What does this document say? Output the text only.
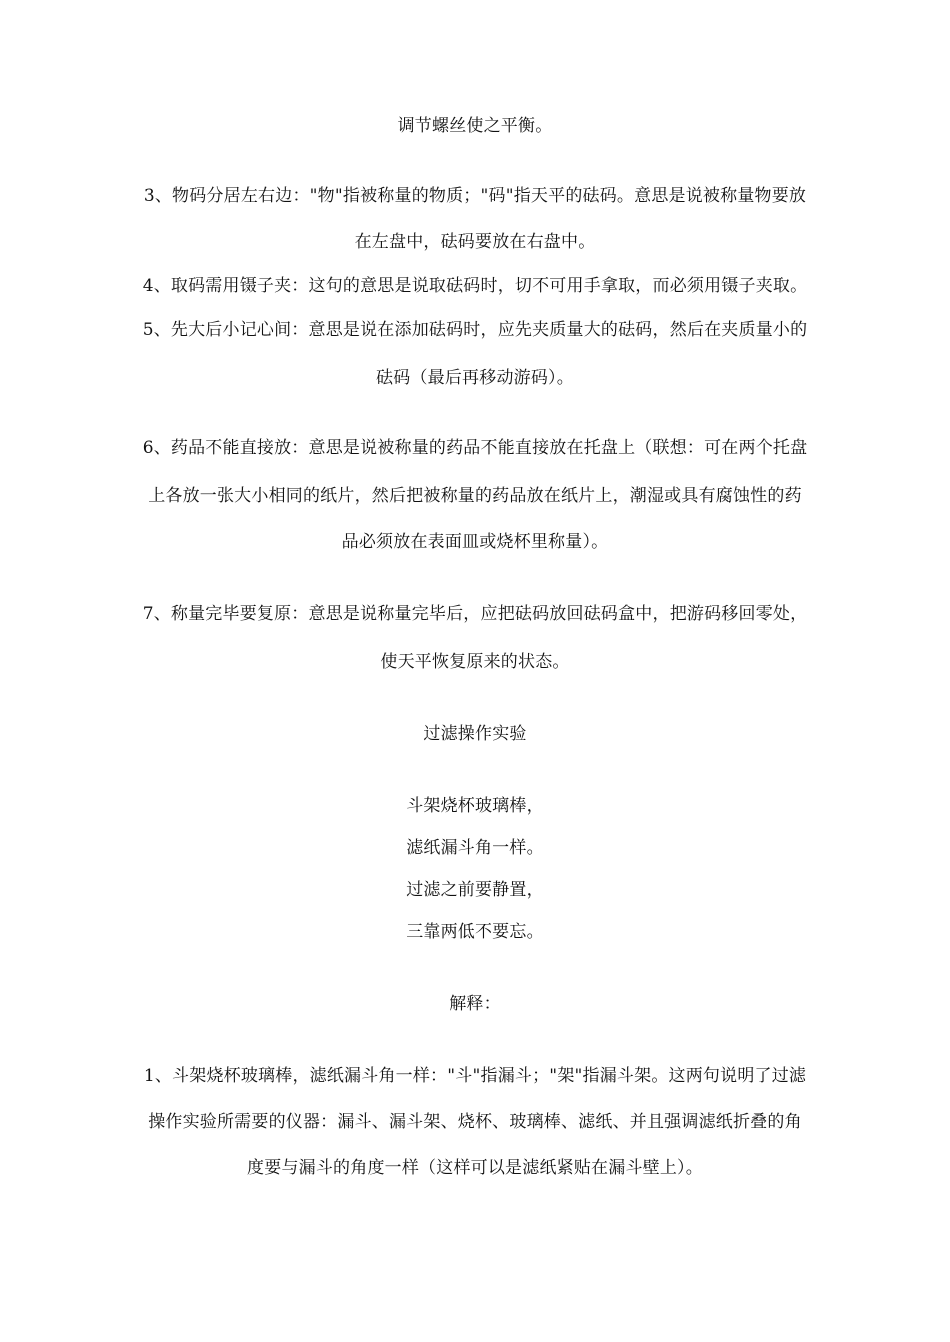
调节螺丝使之平衡。
3、物码分居左右边："物"指被称量的物质；"码"指天平的砝码。意思是说被称量物要放
在左盘中，砝码要放在右盘中。
4、取码需用镊子夹：这句的意思是说取砝码时，切不可用手拿取，而必须用镊子夹取。
5、先大后小记心间：意思是说在添加砝码时，应先夹质量大的砝码，然后在夹质量小的
砝码（最后再移动游码）。
6、药品不能直接放：意思是说被称量的药品不能直接放在托盘上（联想：可在两个托盘
上各放一张大小相同的纸片，然后把被称量的药品放在纸片上，潮湿或具有腐蚀性的药
品必须放在表面皿或烧杯里称量）。
7、称量完毕要复原：意思是说称量完毕后，应把砝码放回砝码盒中，把游码移回零处，
使天平恢复原来的状态。
过滤操作实验
斗架烧杯玻璃棒，
滤纸漏斗角一样。
过滤之前要静置，
三靠两低不要忘。
解释：
1、斗架烧杯玻璃棒，滤纸漏斗角一样："斗"指漏斗；"架"指漏斗架。这两句说明了过滤
操作实验所需要的仪器：漏斗、漏斗架、烧杯、玻璃棒、滤纸、并且强调滤纸折叠的角
度要与漏斗的角度一样（这样可以是滤纸紧贴在漏斗壁上）。
